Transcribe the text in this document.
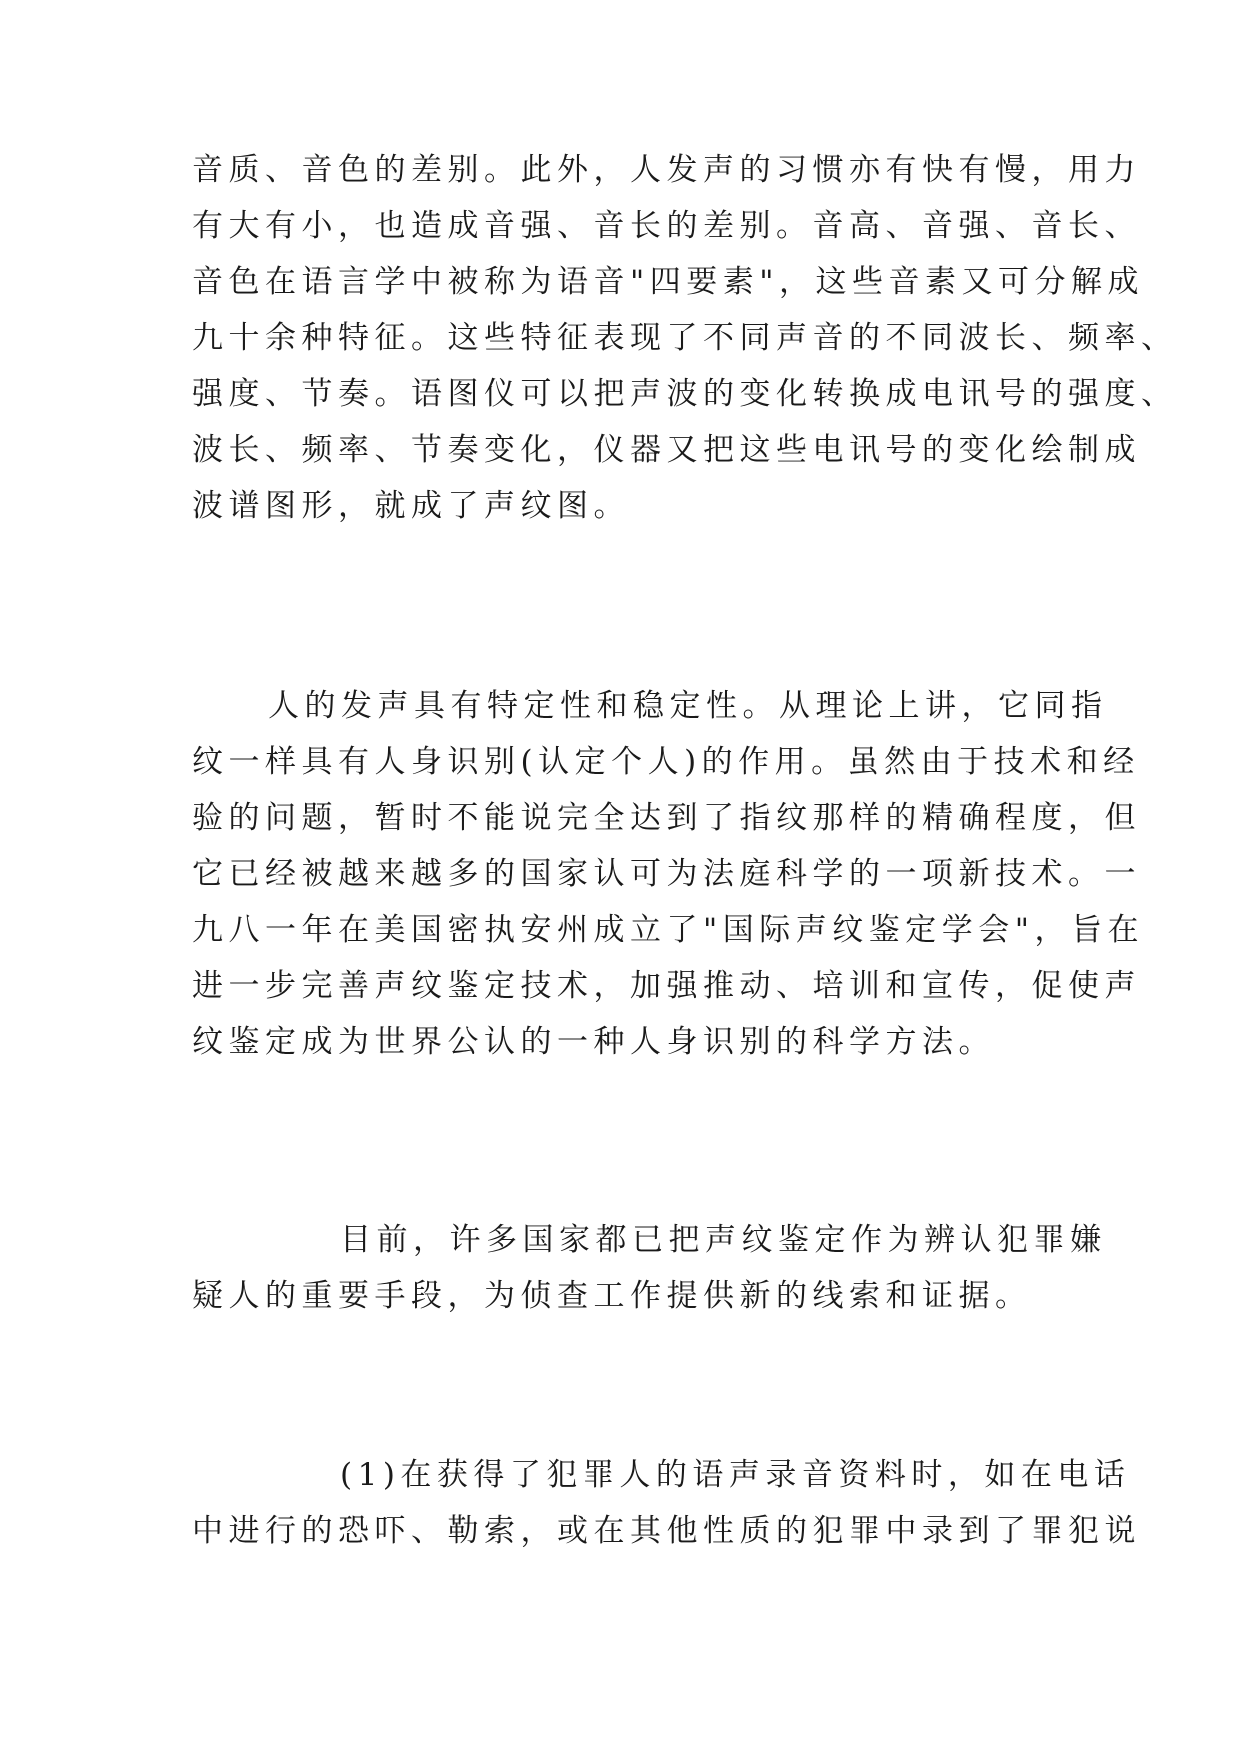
音质、音色的差别。此外，人发声的习惯亦有快有慢，用力
有大有小，也造成音强、音长的差别。音高、音强、音长、
音色在语言学中被称为语音"四要素"，这些音素又可分解成
九十余种特征。这些特征表现了不同声音的不同波长、频率、
强度、节奏。语图仪可以把声波的变化转换成电讯号的强度、
波长、频率、节奏变化，仪器又把这些电讯号的变化绘制成
波谱图形，就成了声纹图。
人的发声具有特定性和稳定性。从理论上讲，它同指
纹一样具有人身识别(认定个人)的作用。虽然由于技术和经
验的问题，暂时不能说完全达到了指纹那样的精确程度，但
它已经被越来越多的国家认可为法庭科学的一项新技术。一
九八一年在美国密执安州成立了"国际声纹鉴定学会"，旨在
进一步完善声纹鉴定技术，加强推动、培训和宣传，促使声
纹鉴定成为世界公认的一种人身识别的科学方法。
目前，许多国家都已把声纹鉴定作为辨认犯罪嫌
疑人的重要手段，为侦查工作提供新的线索和证据。
(1)在获得了犯罪人的语声录音资料时，如在电话
中进行的恐吓、勒索，或在其他性质的犯罪中录到了罪犯说
